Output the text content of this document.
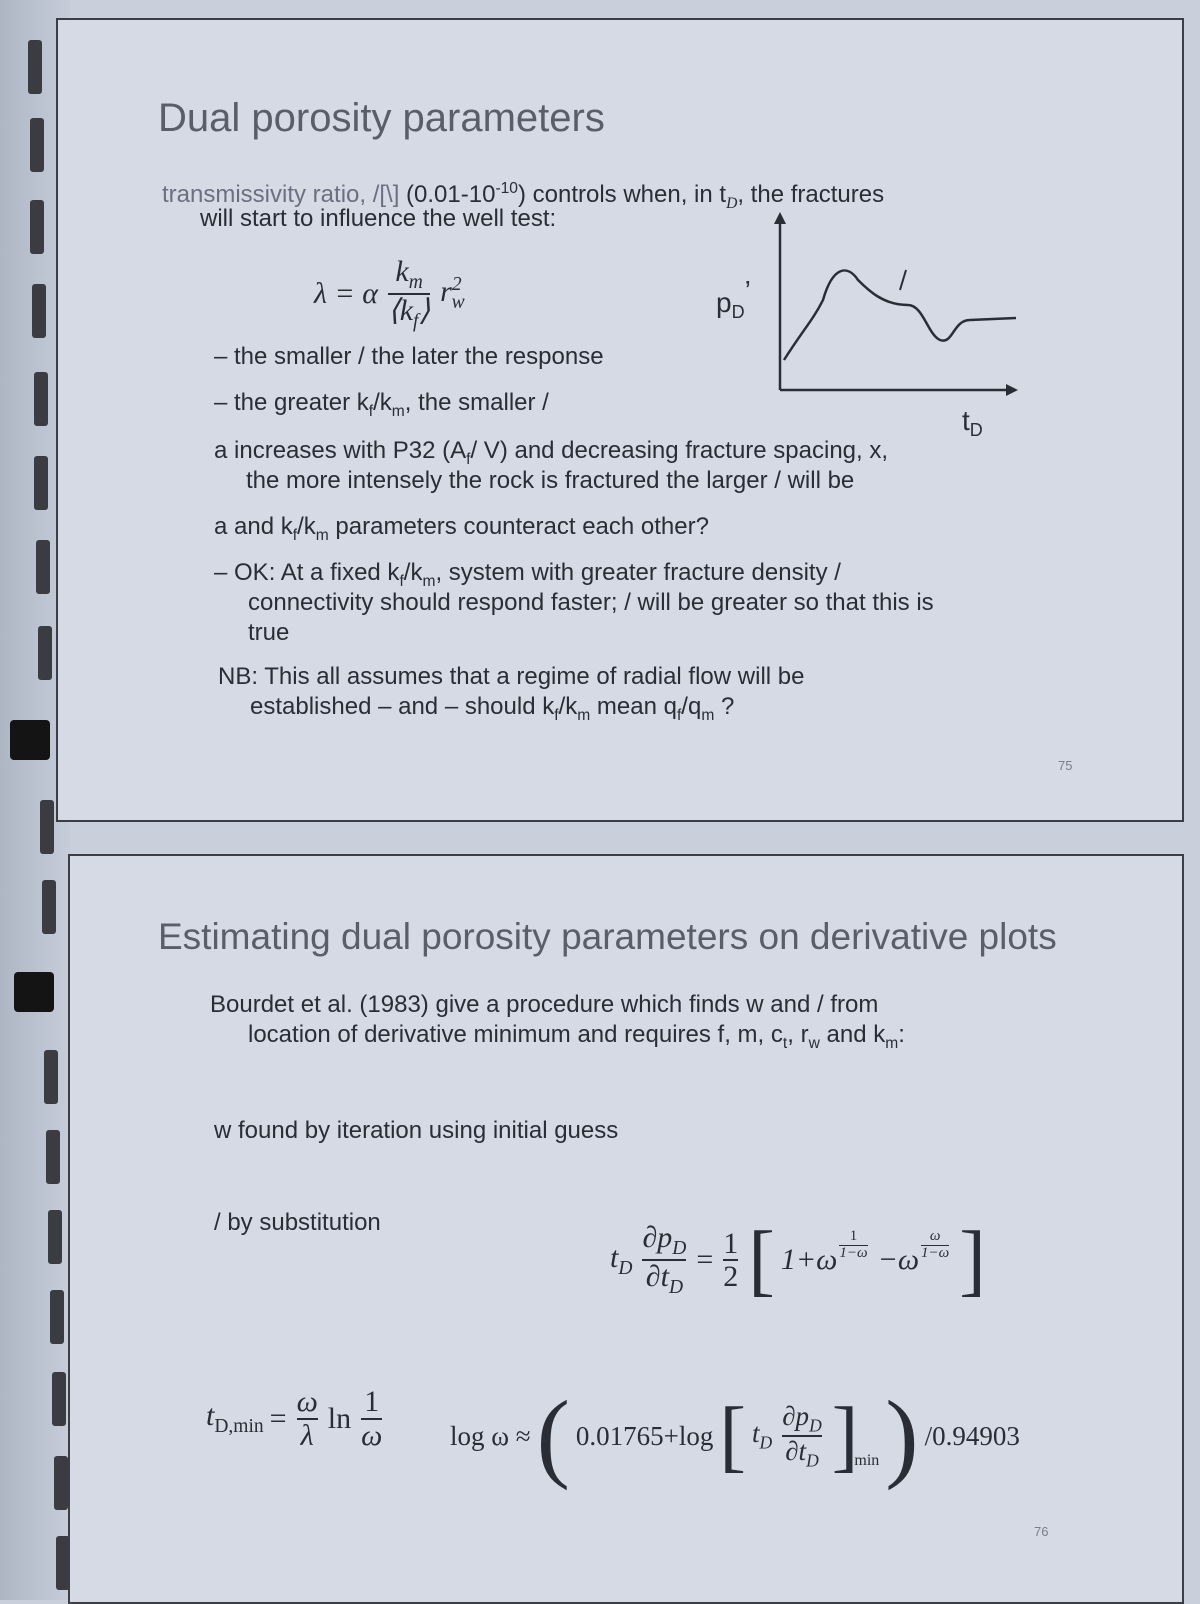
Dual porosity parameters
transmissivity ratio, /[\] $(0.01-10^{-10})$ controls when, in $t_D$, the fractures
will start to influence the well test:
λ = α $\frac{k_m}{⟨k_f⟩} r^2_w$	$p_D$’
$t_D$
– the smaller / the later the response
– the greater $k_f/k_m$, the smaller /
a increases with P32 ($A_f/$ V) and decreasing fracture spacing, x,
the more intensely the rock is fractured the larger / will be
a and $k_f/k_m$ parameters counteract each other?
– OK: At a fixed $k_f/k_m$, system with greater fracture density /
connectivity should respond faster; / will be greater so that this is
true
NB: This all assumes that a regime of radial flow will be
established – and – should $k_f/k_m$ mean $q_f/q_m$ ?
75
Estimating dual porosity parameters on derivative plots
Bourdet et al. (1983) give a procedure which finds w and / from
location of derivative minimum and requires f, m, $c_t$, $r_w$ and $k_m$:
w found by iteration using initial guess
/ by substitution
$t_D \frac{\partial p_D}{\partial t_D} = \frac{1}{2}$ [ $1+\omega \frac{1}{1-\omega} -\omega \frac{\omega}{1-\omega}$ ]
$t_{D,min} = \frac{\omega}{\lambda}$ $\ln \frac{1}{\omega}$	log ω ≈ ( 0.01765+log [ $t_D \frac{\partial p_D}{\partial t_D}$ ]
min ) /0.94903
76
